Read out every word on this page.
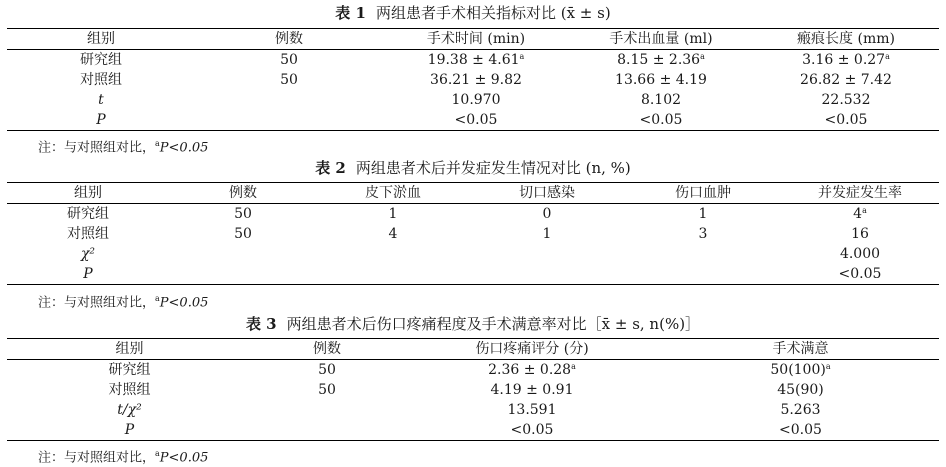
表 1 两组患者手术相关指标对比 (x̄ ± s)
组别	例数	手术时间 (min)	手术出血量 (ml)	瘢痕长度 (mm)
研究组	50	19.38 ± 4.61$^a$	8.15 ± 2.36$^a$	3.16 ± 0.27$^a$
对照组	50	36.21 ± 9.82	13.66 ± 4.19	26.82 ± 7.42
t		10.970	8.102	22.532
P		<0.05	<0.05	<0.05
注：与对照组对比，$^a$P<0.05
表 2 两组患者术后并发症发生情况对比 (n, %)
组别	例数	皮下淤血	切口感染	伤口血肿	并发症发生率
研究组	50	1	0	1	4$^a$
对照组	50	4	1	3	16
χ²					4.000
P					<0.05
注：与对照组对比，$^a$P<0.05
表 3 两组患者术后伤口疼痛程度及手术满意率对比［x̄ ± s, n(%)］
组别	例数	伤口疼痛评分 (分)	手术满意
研究组	50	2.36 ± 0.28$^a$	$50(100)^a$
对照组	50	4.19 ± 0.91	45(90)
t/χ²		13.591	5.263
P		<0.05	<0.05
注：与对照组对比，$^a$P<0.05
